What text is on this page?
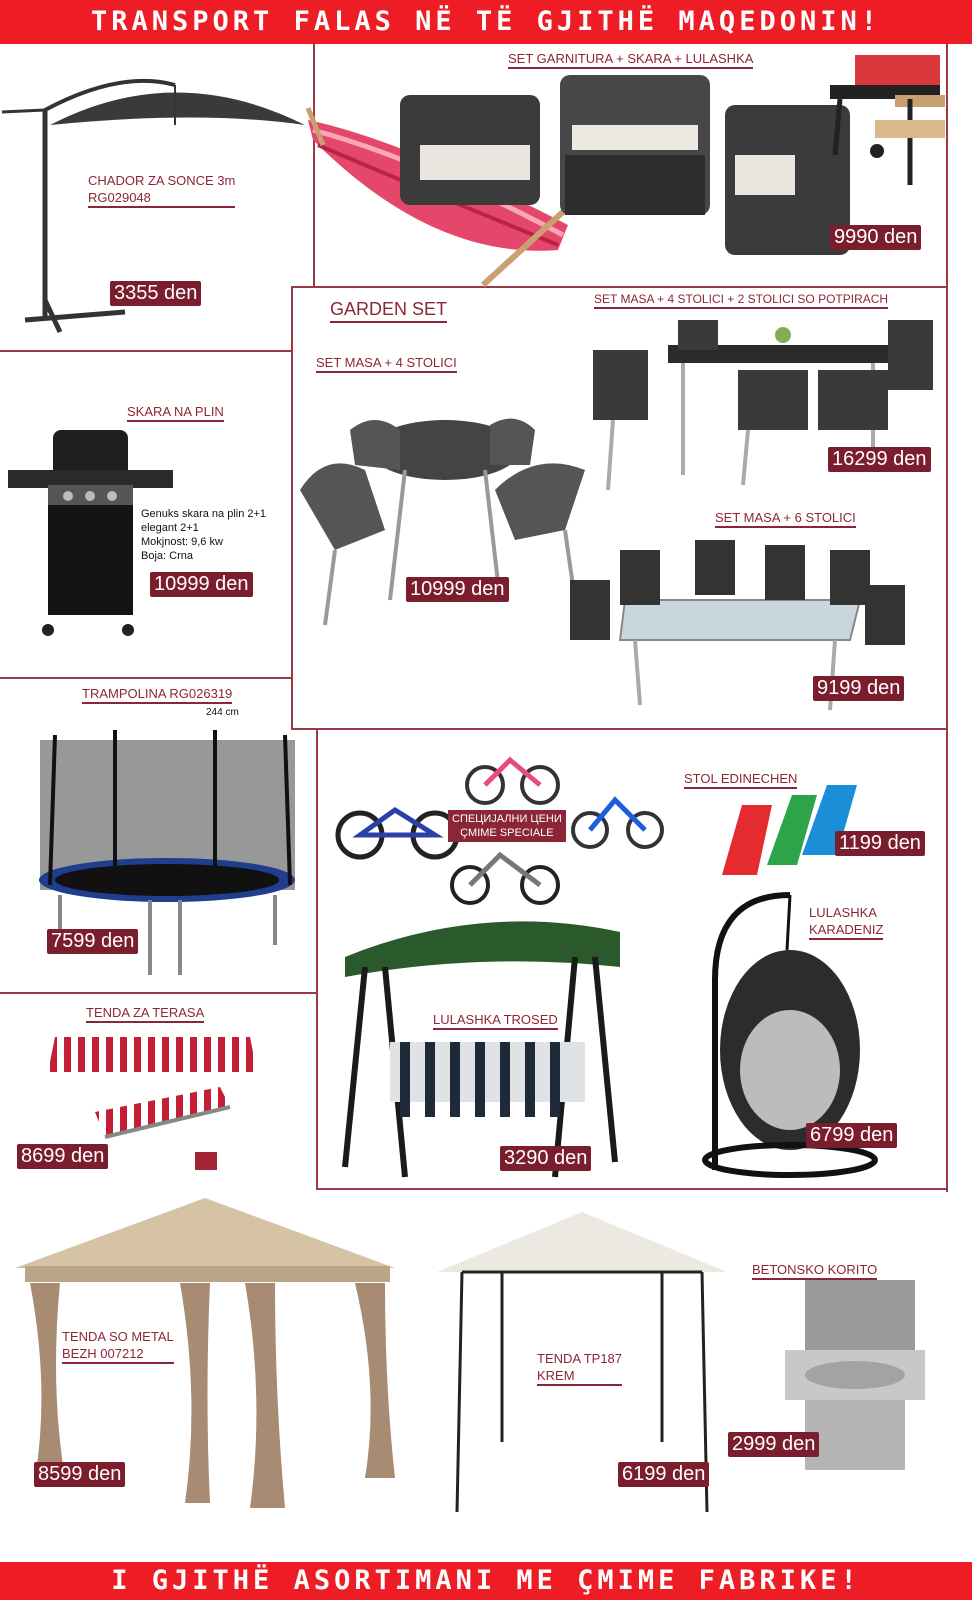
TRANSPORT FALAS NË TË GJITHË MAQEDONIN!
I GJITHË ASORTIMANI ME ÇMIME FABRIKE!
CHADOR ZA SONCE 3m
RG029048
3355 den
SET GARNITURA + SKARA + LULASHKA
9990 den
GARDEN SET
SET MASA + 4 STOLICI
10999 den
SET MASA + 4 STOLICI + 2 STOLICI SO POTPIRACH
16299 den
SET MASA + 6 STOLICI
9199 den
SKARA NA PLIN
Genuks skara na plin 2+1
elegant 2+1
Mokjnost: 9,6 kw
Boja: Crna
10999 den
TRAMPOLINA RG026319
244 cm
7599 den
СПЕЦИЈАЛНИ ЦЕНИ
ÇMIME SPECIALE
STOL EDINECHEN
1199 den
LULASHKA
KARADENIZ
6799 den
TENDA ZA TERASA
8699 den
LULASHKA TROSED
3290 den
TENDA SO METAL
BEZH 007212
8599 den
TENDA TP187
KREM
6199 den
BETONSKO KORITO
2999 den
